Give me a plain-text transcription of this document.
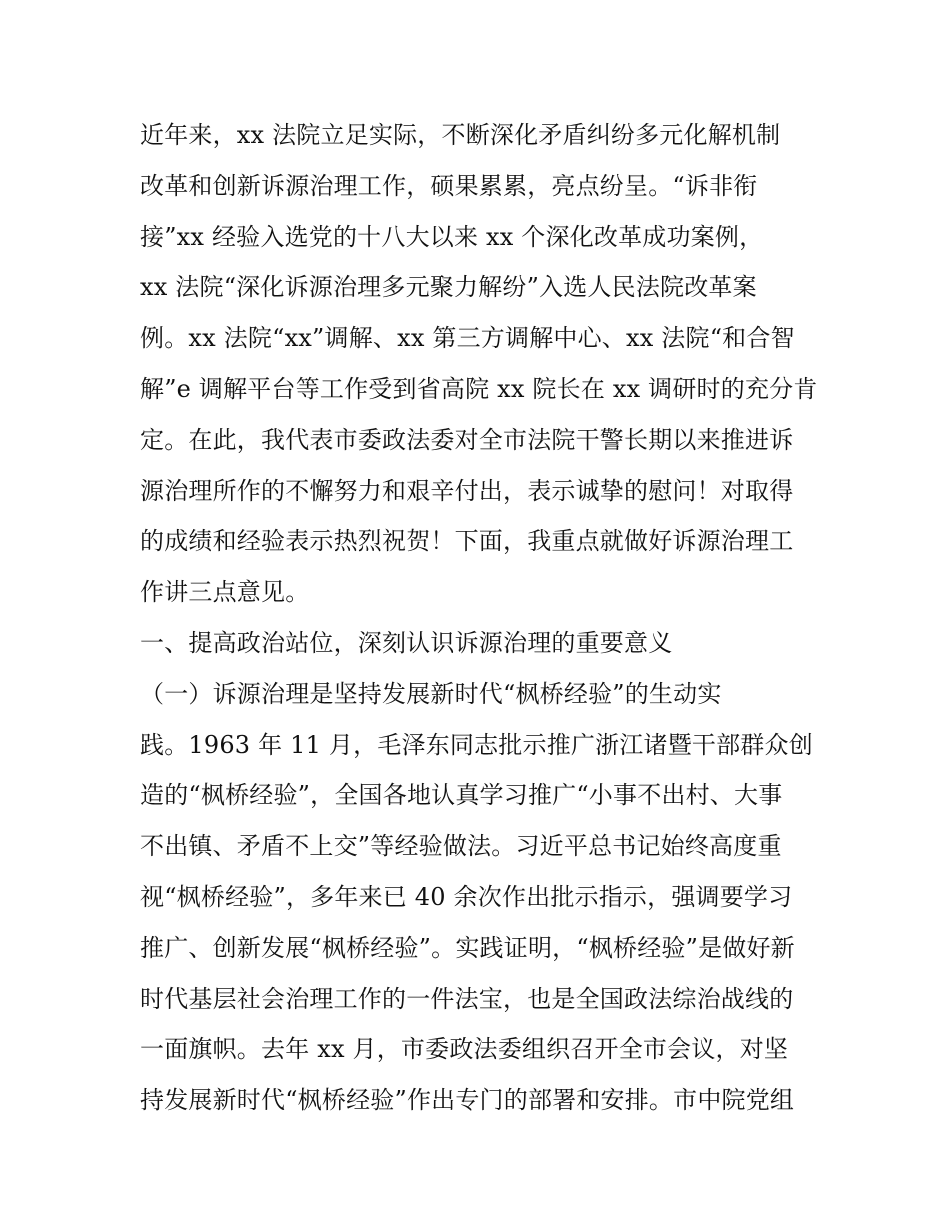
近年来，xx 法院立足实际，不断深化矛盾纠纷多元化解机制
改革和创新诉源治理工作，硕果累累，亮点纷呈。“诉非衔
接”xx 经验入选党的十八大以来 xx 个深化改革成功案例，
xx 法院“深化诉源治理多元聚力解纷”入选人民法院改革案
例。xx 法院“xx”调解、xx 第三方调解中心、xx 法院“和合智
解”e 调解平台等工作受到省高院 xx 院长在 xx 调研时的充分肯
定。在此，我代表市委政法委对全市法院干警长期以来推进诉
源治理所作的不懈努力和艰辛付出，表示诚挚的慰问！对取得
的成绩和经验表示热烈祝贺！下面，我重点就做好诉源治理工
作讲三点意见。
一、提高政治站位，深刻认识诉源治理的重要意义
（一）诉源治理是坚持发展新时代“枫桥经验”的生动实
践。1963 年 11 月，毛泽东同志批示推广浙江诸暨干部群众创
造的“枫桥经验”，全国各地认真学习推广“小事不出村、大事
不出镇、矛盾不上交”等经验做法。习近平总书记始终高度重
视“枫桥经验”，多年来已 40 余次作出批示指示，强调要学习
推广、创新发展“枫桥经验”。实践证明，“枫桥经验”是做好新
时代基层社会治理工作的一件法宝，也是全国政法综治战线的
一面旗帜。去年 xx 月，市委政法委组织召开全市会议，对坚
持发展新时代“枫桥经验”作出专门的部署和安排。市中院党组
